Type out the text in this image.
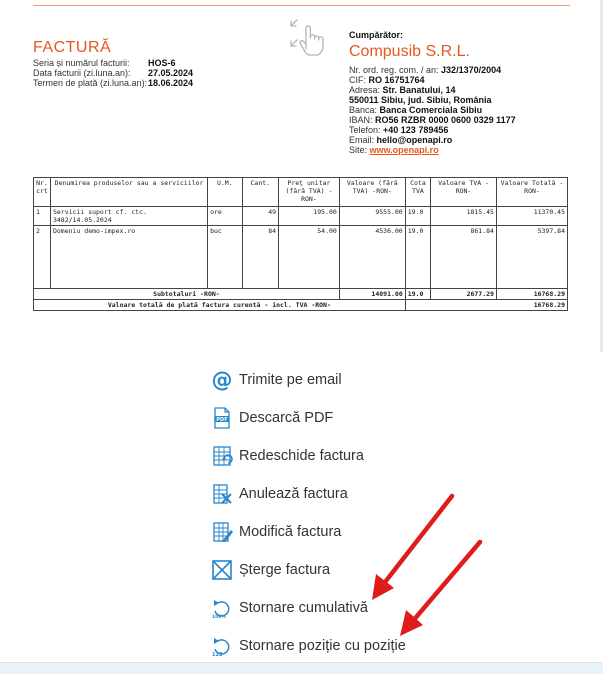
FACTURĂ
Seria și numărul facturii: HOS-6
Data facturii (zi.luna.an): 27.05.2024
Termen de plată (zi.luna.an):18.06.2024
Cumpărător:
Compusib S.R.L.
Nr. ord. reg. com. / an: J32/1370/2004
CIF: RO 16751764
Adresa: Str. Banatului, 14
550011 Sibiu, jud. Sibiu, România
Banca: Banca Comerciala Sibiu
IBAN: RO56 RZBR 0000 0600 0329 1177
Telefon: +40 123 789456
Email: hello@openapi.ro
Site: www.openapi.ro
Nr. crt	Denumirea produselor sau a serviciilor	U.M.	Cant.	Preț unitar (fără TVA) -RON-	Valoare (fără TVA) -RON-	Cota TVA	Valoare TVA -RON-	Valoare Totală -RON-
1	Servicii suport cf. ctc. 3482/14.05.2024	ore	49	195.00	9555.00	19.0	1815.45	11370.45
2	Domeniu demo-impex.ro	buc	84	54.00	4536.00	19.0	861.84	5397.84
Subtotaluri -RON-					14091.00	19.0	2677.29	16768.29
Valoare totală de plată factura curentă - incl. TVA -RON-						16768.29		
@ Trimite pe email
PDF Descarcă PDF
Redeschide factura
Anulează factura
Modifică factura
Șterge factura
100%
Stornare cumulativă
123
Stornare poziție cu poziție
